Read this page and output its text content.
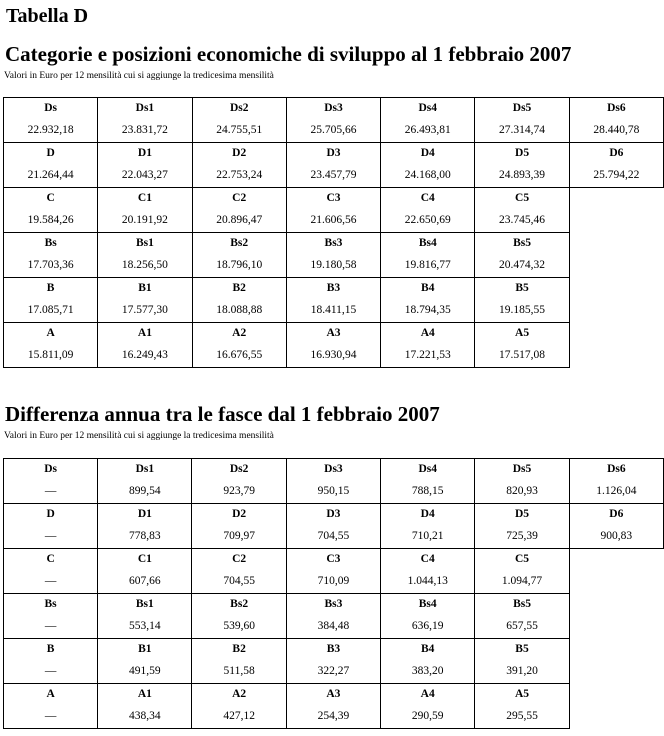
Tabella D
Categorie e posizioni economiche di sviluppo al 1 febbraio 2007
Valori in Euro per 12 mensilità cui si aggiunge la tredicesima mensilità
Ds	Ds1	Ds2	Ds3	Ds4	Ds5	Ds6
22.932,18	23.831,72	24.755,51	25.705,66	26.493,81	27.314,74	28.440,78
D	D1	D2	D3	D4	D5	D6
21.264,44	22.043,27	22.753,24	23.457,79	24.168,00	24.893,39	25.794,22
C	C1	C2	C3	C4	C5	
19.584,26	20.191,92	20.896,47	21.606,56	22.650,69	23.745,46	
Bs	Bs1	Bs2	Bs3	Bs4	Bs5	
17.703,36	18.256,50	18.796,10	19.180,58	19.816,77	20.474,32	
B	B1	B2	B3	B4	B5	
17.085,71	17.577,30	18.088,88	18.411,15	18.794,35	19.185,55	
A	A1	A2	A3	A4	A5	
15.811,09	16.249,43	16.676,55	16.930,94	17.221,53	17.517,08	
Differenza annua tra le fasce dal 1 febbraio 2007
Valori in Euro per 12 mensilità cui si aggiunge la tredicesima mensilità
Ds	Ds1	Ds2	Ds3	Ds4	Ds5	Ds6
—	899,54	923,79	950,15	788,15	820,93	1.126,04
D	D1	D2	D3	D4	D5	D6
—	778,83	709,97	704,55	710,21	725,39	900,83
C	C1	C2	C3	C4	C5	
—	607,66	704,55	710,09	1.044,13	1.094,77	
Bs	Bs1	Bs2	Bs3	Bs4	Bs5	
—	553,14	539,60	384,48	636,19	657,55	
B	B1	B2	B3	B4	B5	
—	491,59	511,58	322,27	383,20	391,20	
A	A1	A2	A3	A4	A5	
—	438,34	427,12	254,39	290,59	295,55	
